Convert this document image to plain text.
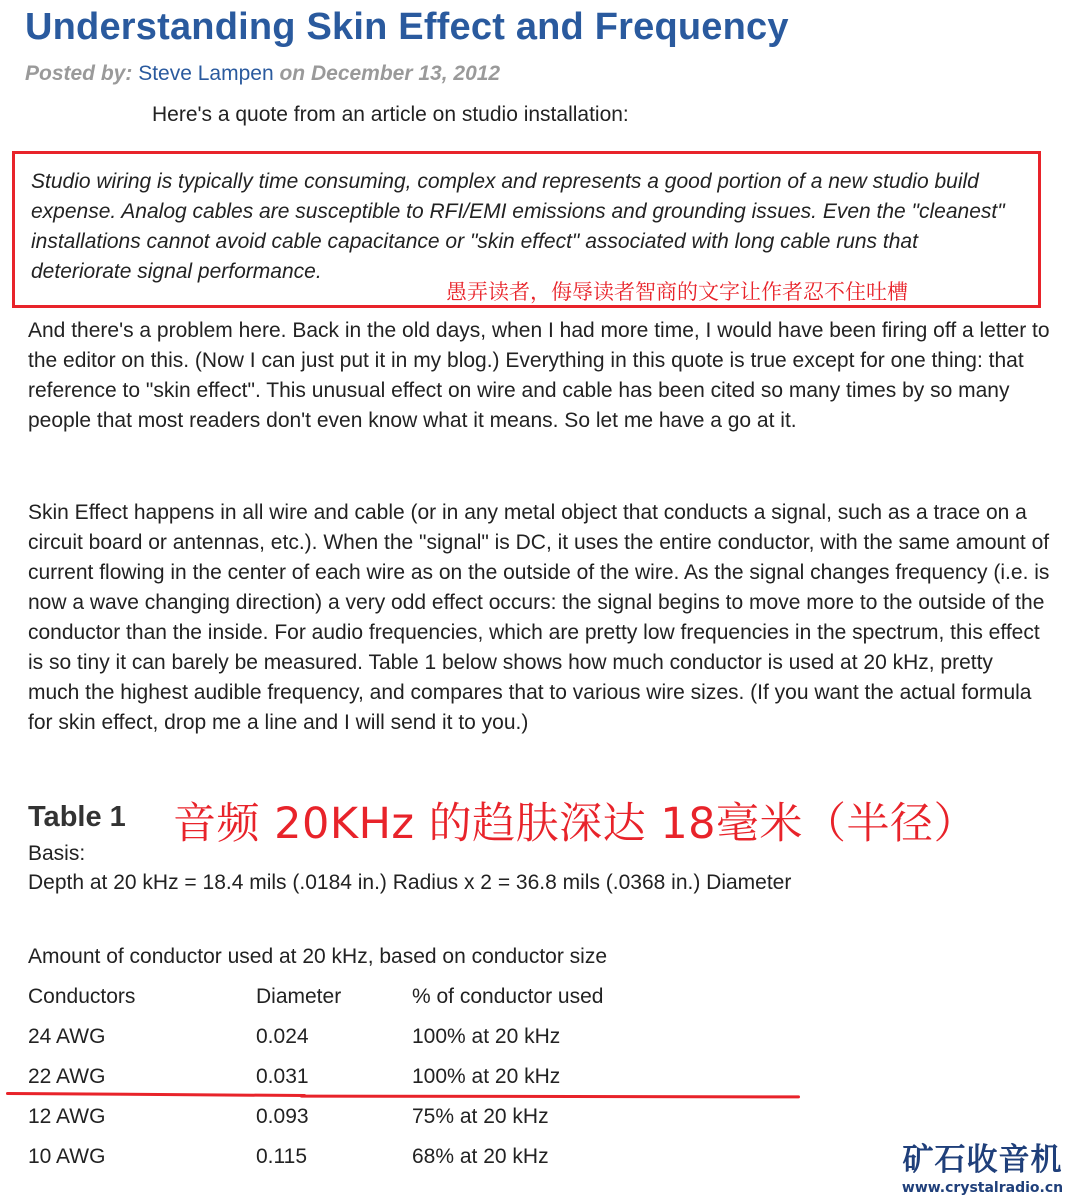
Understanding Skin Effect and Frequency
Posted by: Steve Lampen on December 13, 2012
Here's a quote from an article on studio installation:
Studio wiring is typically time consuming, complex and represents a good portion of a new studio build expense. Analog cables are susceptible to RFI/EMI emissions and grounding issues. Even the "cleanest" installations cannot avoid cable capacitance or "skin effect" associated with long cable runs that deteriorate signal performance.
愚弄读者，侮辱读者智商的文字让作者忍不住吐槽
And there's a problem here. Back in the old days, when I had more time, I would have been firing off a letter to the editor on this. (Now I can just put it in my blog.) Everything in this quote is true except for one thing: that reference to "skin effect". This unusual effect on wire and cable has been cited so many times by so many people that most readers don't even know what it means. So let me have a go at it.
Skin Effect happens in all wire and cable (or in any metal object that conducts a signal, such as a trace on a circuit board or antennas, etc.). When the "signal" is DC, it uses the entire conductor, with the same amount of current flowing in the center of each wire as on the outside of the wire. As the signal changes frequency (i.e. is now a wave changing direction) a very odd effect occurs: the signal begins to move more to the outside of the conductor than the inside. For audio frequencies, which are pretty low frequencies in the spectrum, this effect is so tiny it can barely be measured. Table 1 below shows how much conductor is used at 20 kHz, pretty much the highest audible frequency, and compares that to various wire sizes. (If you want the actual formula for skin effect, drop me a line and I will send it to you.)
Table 1 音频 20KHz 的趋肤深达 18毫米（半径）
Basis:
Depth at 20 kHz = 18.4 mils (.0184 in.) Radius x 2 = 36.8 mils (.0368 in.) Diameter
Amount of conductor used at 20 kHz, based on conductor size
Conductors	Diameter	% of conductor used
24 AWG	0.024	100% at 20 kHz
22 AWG	0.031	100% at 20 kHz
12 AWG	0.093	75% at 20 kHz
10 AWG	0.115	68% at 20 kHz	矿石收音机
www.crystalradio.cn
